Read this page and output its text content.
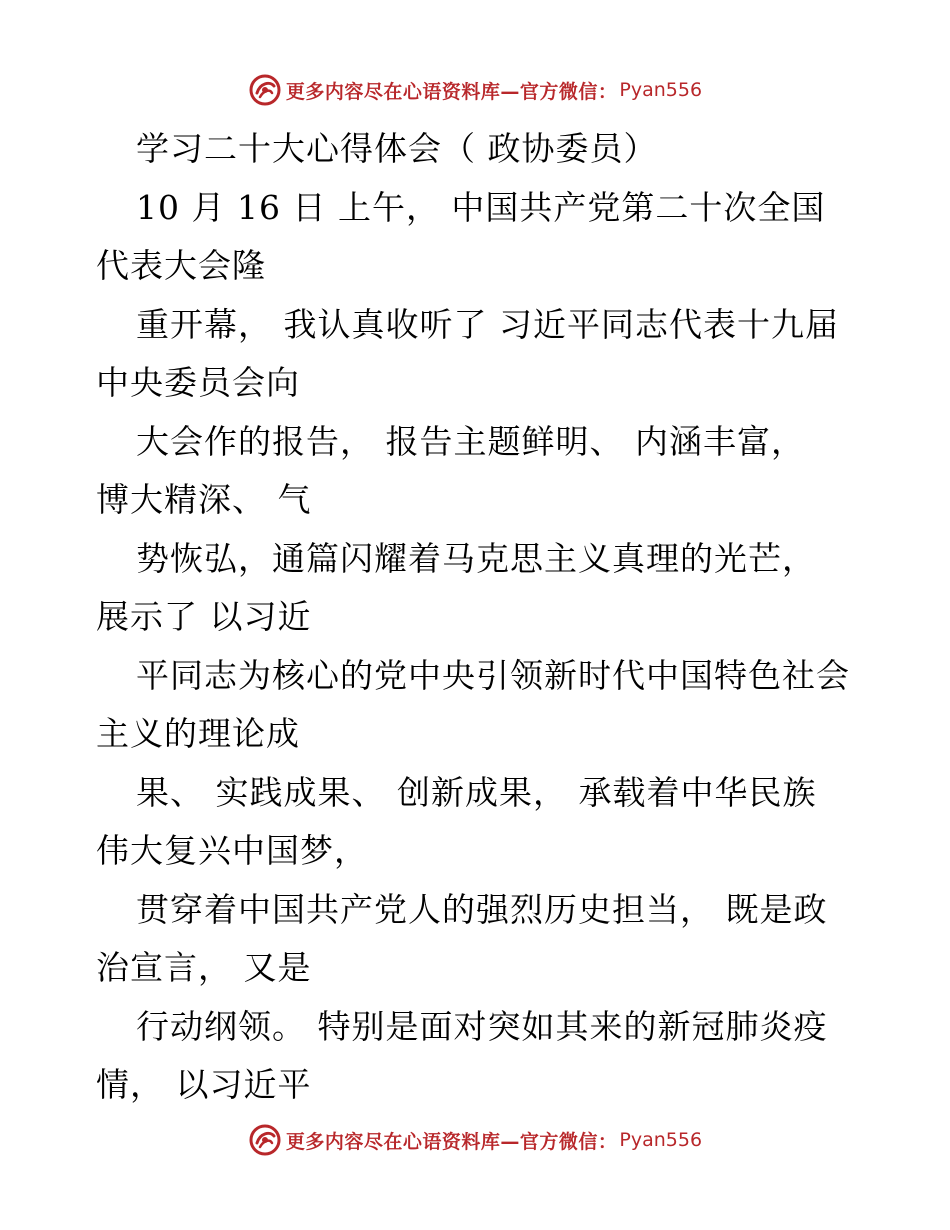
更多内容尽在心语资料库—官方微信： Pyan556
学习二十大心得体会（ 政协委员）
10 月 16 日 上午， 中国共产党第二十次全国
代表大会隆
重开幕， 我认真收听了 习近平同志代表十九届
中央委员会向
大会作的报告， 报告主题鲜明、 内涵丰富，
博大精深、 气
势恢弘，通篇闪耀着马克思主义真理的光芒，
展示了 以习近
平同志为核心的党中央引领新时代中国特色社会
主义的理论成
果、 实践成果、 创新成果， 承载着中华民族
伟大复兴中国梦，
贯穿着中国共产党人的强烈历史担当， 既是政
治宣言， 又是
行动纲领。 特别是面对突如其来的新冠肺炎疫
情， 以习近平
更多内容尽在心语资料库—官方微信： Pyan556
